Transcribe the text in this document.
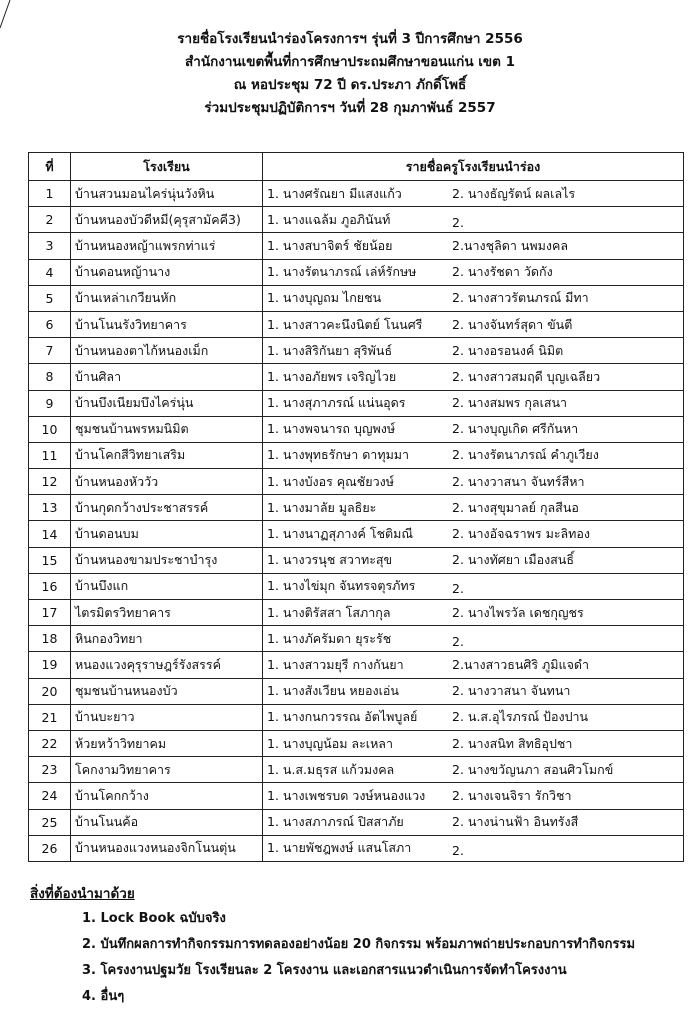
รายชื่อโรงเรียนนำร่องโครงการฯ รุ่นที่ 3 ปีการศึกษา 2556
สำนักงานเขตพื้นที่การศึกษาประถมศึกษาขอนแก่น เขต 1
ณ หอประชุม 72 ปี ดร.ประภา ภักดิ์โพธิ์
ร่วมประชุมปฏิบัติการฯ วันที่ 28 กุมภาพันธ์ 2557
ที่	โรงเรียน	รายชื่อครูโรงเรียนนำร่อง
1	บ้านสวนมอนไคร่นุ่นวังหิน	1. นางศรัณยา มีแสงแก้ว 2. นางธัญรัตน์ ผลเลไร
2	บ้านหนองบัวดีหมี(คุรุสามัคคี3)	1. นางแฉล้ม ภูอภินันท์ 2.
3	บ้านหนองหญ้าแพรกท่าแร่	1. นางสบาจิตร์ ชัยน้อย 2.นางชุลิดา นพมงคล
4	บ้านดอนหญ้านาง	1. นางรัตนาภรณ์ เล่ห์รักษษ 2. นางรัชดา วัดกัง
5	บ้านเหล่าเกวียนหัก	1. นางบุญถม ไกยชน 2. นางสาวรัตนภรณ์ มีทา
6	บ้านโนนรังวิทยาคาร	1. นางสาวคะนึงนิตย์ โนนศรี 2. นางจันทร์สุดา ขันตี
7	บ้านหนองตาไก้หนองเม็ก	1. นางสิริกันยา สุริพันธ์ 2. นางอรอนงค์ นิมิต
8	บ้านศิลา	1. นางอภัยพร เจริญไวย 2. นางสาวสมฤดี บุญเฉลียว
9	บ้านบึงเนียมบึงไคร่นุ่น	1. นางสุภาภรณ์ แน่นอุดร 2. นางสมพร กุลเสนา
10	ชุมชนบ้านพรหมนิมิต	1. นางพจนารถ บุญพงษ์ 2. นางบุญเกิด ศรีกันหา
11	บ้านโคกสีวิทยาเสริม	1. นางพุทธรักษา ดาทุมมา 2. นางรัตนาภรณ์ คำภูเวียง
12	บ้านหนองหัววัว	1. นางบังอร คุณชัยวงษ์ 2. นางวาสนา จันทร์สีหา
13	บ้านกุดกว้างประชาสรรค์	1. นางมาลัย มูลธิยะ 2. นางสุขุมาลย์ กุลสีนอ
14	บ้านดอนบม	1. นางนาฏสุภางค์ โชติมณี 2. นางอัจฉราพร มะลิทอง
15	บ้านหนองขามประชาบำรุง	1. นางวรนุช สวาทะสุข 2. นางทัศยา เมืองสนธิ์
16	บ้านบึงแก	1. นางไข่มุก จันทรจตุรภัทร 2.
17	ไตรมิตรวิทยาคาร	1. นางติรัสสา โสภากุล 2. นางไพรวัล เดชกุญชร
18	หินกองวิทยา	1. นางภัครัมดา ยุระรัช 2.
19	หนองแวงคุรุราษฎร์รังสรรค์	1. นางสาวมยุรี กางกันยา 2.นางสาวธนศิริ ภูมิแจดำ
20	ชุมชนบ้านหนองบัว	1. นางสังเวียน หยองเอ่น 2. นางวาสนา จันทนา
21	บ้านบะยาว	1. นางกนกวรรณ อัตไพบูลย์ 2. น.ส.อุไรภรณ์ ป้องปาน
22	ห้วยหว้าวิทยาคม	1. นางบุญน้อม ละเหลา 2. นางสนิท สิทธิอุปชา
23	โคกงามวิทยาคาร	1. น.ส.มธุรส แก้วมงคล 2. นางขวัญนภา สอนศิวโมกข์
24	บ้านโคกกว้าง	1. นางเพชรบด วงษ์หนองแวง 2. นางเจนจิรา รักวิชา
25	บ้านโนนค้อ	1. นางสภาภรณ์ ปิสสาภัย 2. นางน่านฟ้า อินทรังสี
26	บ้านหนองแวงหนองจิกโนนตุ่น	1. นายพัชฎพงษ์ แสนโสภา 2.
สิ่งที่ต้องนำมาด้วย
1. Lock Book ฉบับจริง
2. บันทึกผลการทำกิจกรรมการทดลองอย่างน้อย 20 กิจกรรม พร้อมภาพถ่ายประกอบการทำกิจกรรม
3. โครงงานปฐมวัย โรงเรียนละ 2 โครงงาน และเอกสารแนวดำเนินการจัดทำโครงงาน
4. อื่นๆ
